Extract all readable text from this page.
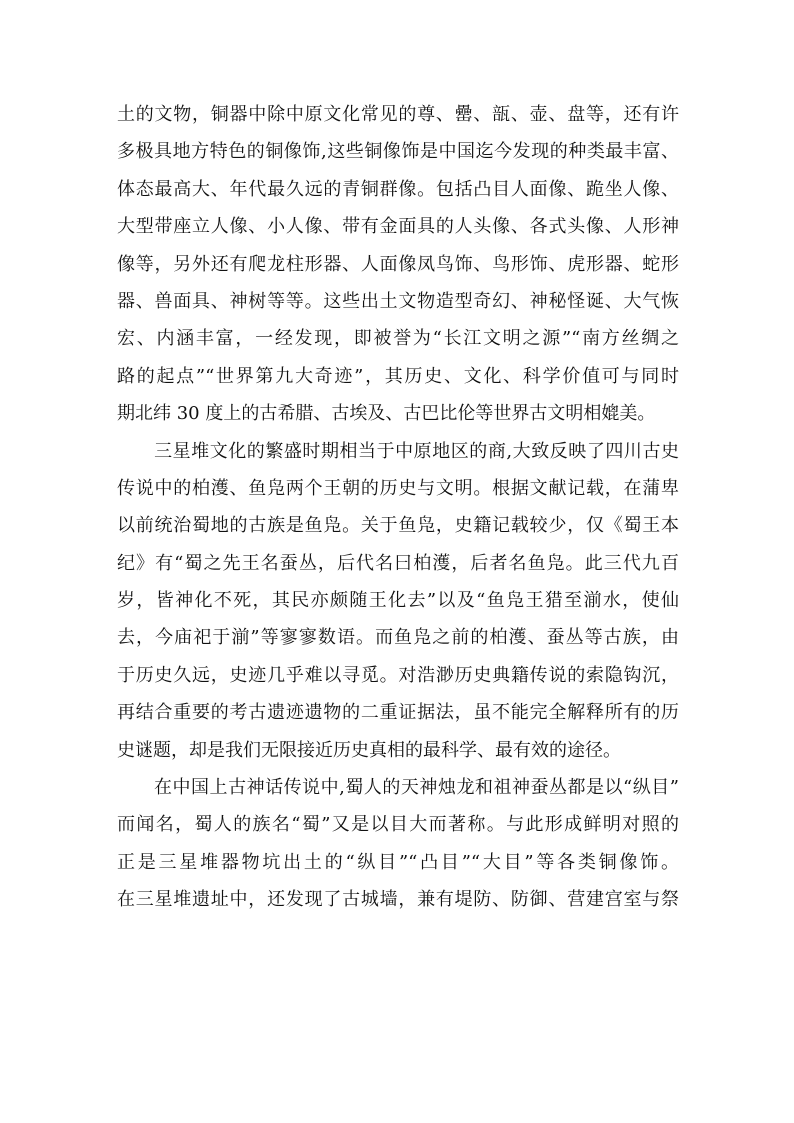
土的文物，铜器中除中原文化常见的尊、罍、瓿、壶、盘等，还有许
多极具地方特色的铜像饰,这些铜像饰是中国迄今发现的种类最丰富、
体态最高大、年代最久远的青铜群像。包括凸目人面像、跪坐人像、
大型带座立人像、小人像、带有金面具的人头像、各式头像、人形神
像等，另外还有爬龙柱形器、人面像凤鸟饰、鸟形饰、虎形器、蛇形
器、兽面具、神树等等。这些出土文物造型奇幻、神秘怪诞、大气恢
宏、内涵丰富，一经发现，即被誉为“长江文明之源”“南方丝绸之
路的起点”“世界第九大奇迹”，其历史、文化、科学价值可与同时
期北纬 30 度上的古希腊、古埃及、古巴比伦等世界古文明相媲美。
　　三星堆文化的繁盛时期相当于中原地区的商,大致反映了四川古史
传说中的柏濩、鱼凫两个王朝的历史与文明。根据文献记载，在蒲卑
以前统治蜀地的古族是鱼凫。关于鱼凫，史籍记载较少，仅《蜀王本
纪》有“蜀之先王名蚕丛，后代名曰柏濩，后者名鱼凫。此三代九百
岁，皆神化不死，其民亦颇随王化去”以及“鱼凫王猎至湔水，使仙
去，今庙祀于湔”等寥寥数语。而鱼凫之前的柏濩、蚕丛等古族，由
于历史久远，史迹几乎难以寻觅。对浩渺历史典籍传说的索隐钩沉，
再结合重要的考古遗迹遗物的二重证据法，虽不能完全解释所有的历
史谜题，却是我们无限接近历史真相的最科学、最有效的途径。
　　在中国上古神话传说中,蜀人的天神烛龙和祖神蚕丛都是以“纵目”
而闻名，蜀人的族名“蜀”又是以目大而著称。与此形成鲜明对照的
正是三星堆器物坑出土的“纵目”“凸目”“大目”等各类铜像饰。
在三星堆遗址中，还发现了古城墙，兼有堤防、防御、营建宫室与祭
